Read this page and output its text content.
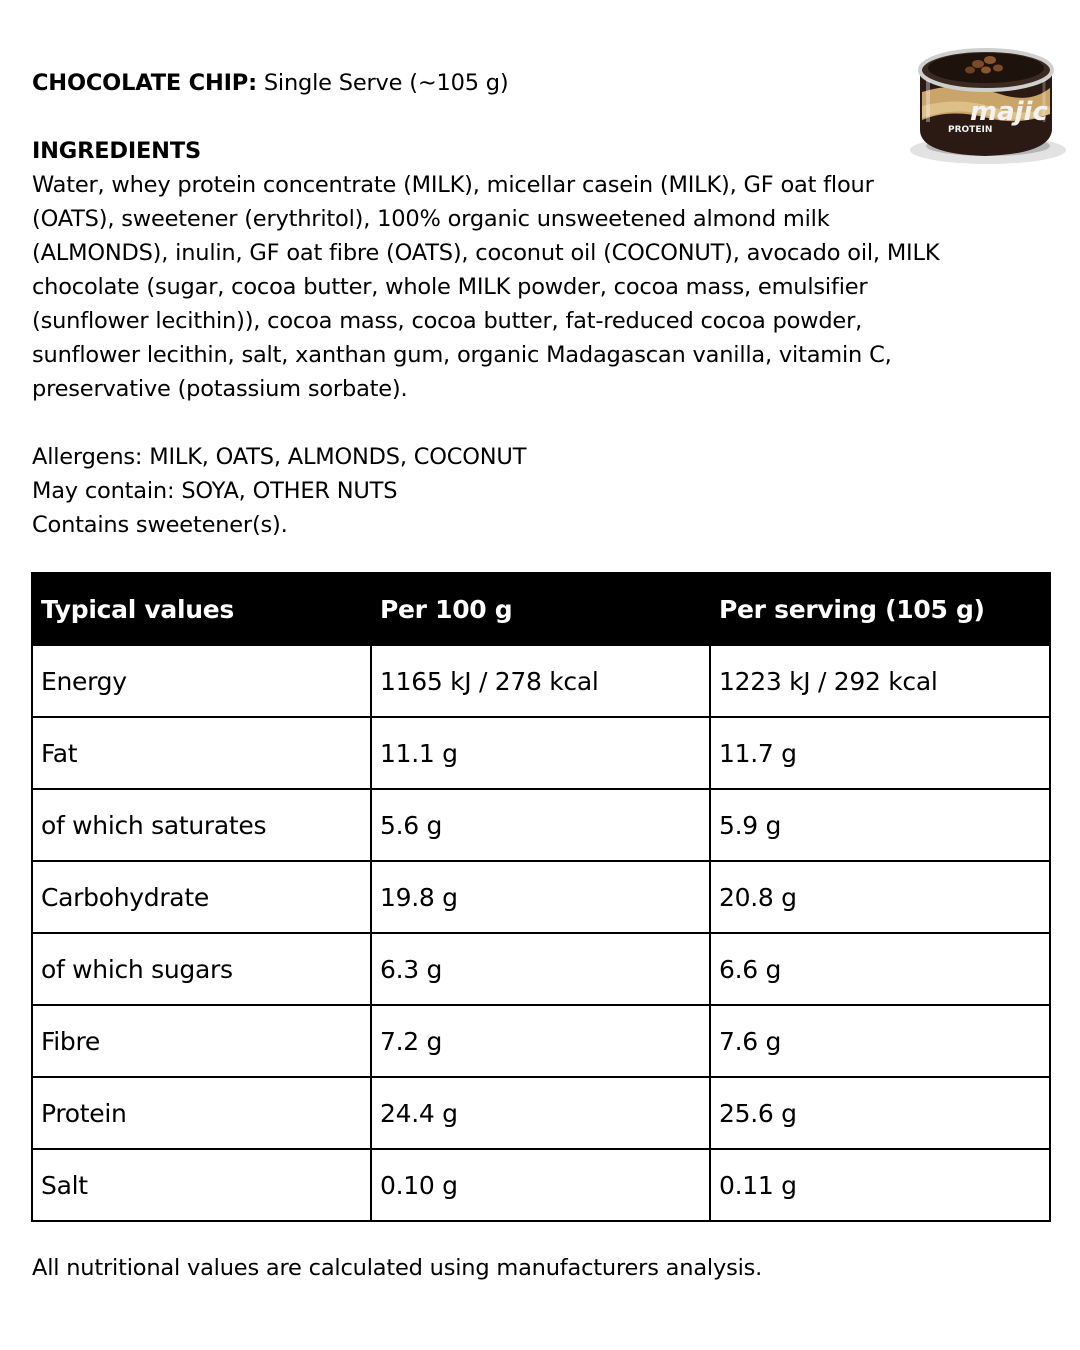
CHOCOLATE CHIP: Single Serve (~105 g)

INGREDIENTS

Water, whey protein concentrate (MILK), micellar casein (MILK), GF oat flour (OATS), sweetener (erythritol), 100% organic unsweetened almond milk (ALMONDS), inulin, GF oat fibre (OATS), coconut oil (COCONUT), avocado oil, MILK chocolate (sugar, cocoa butter, whole MILK powder, cocoa mass, emulsifier (sunflower lecithin)), cocoa mass, cocoa butter, fat-reduced cocoa powder, sunflower lecithin, salt, xanthan gum, organic Madagascan vanilla, vitamin C, preservative (potassium sorbate).

Allergens: MILK, OATS, ALMONDS, COCONUT

May contain: SOYA, OTHER NUTS

Contains sweetener(s).

majic
PROTEIN
Typical values	Per 100 g	Per serving (105 g)
Energy	1165 kJ / 278 kcal	1223 kJ / 292 kcal
Fat	11.1 g	11.7 g
of which saturates	5.6 g	5.9 g
Carbohydrate	19.8 g	20.8 g
of which sugars	6.3 g	6.6 g
Fibre	7.2 g	7.6 g
Protein	24.4 g	25.6 g
Salt	0.10 g	0.11 g

All nutritional values are calculated using manufacturers analysis.
